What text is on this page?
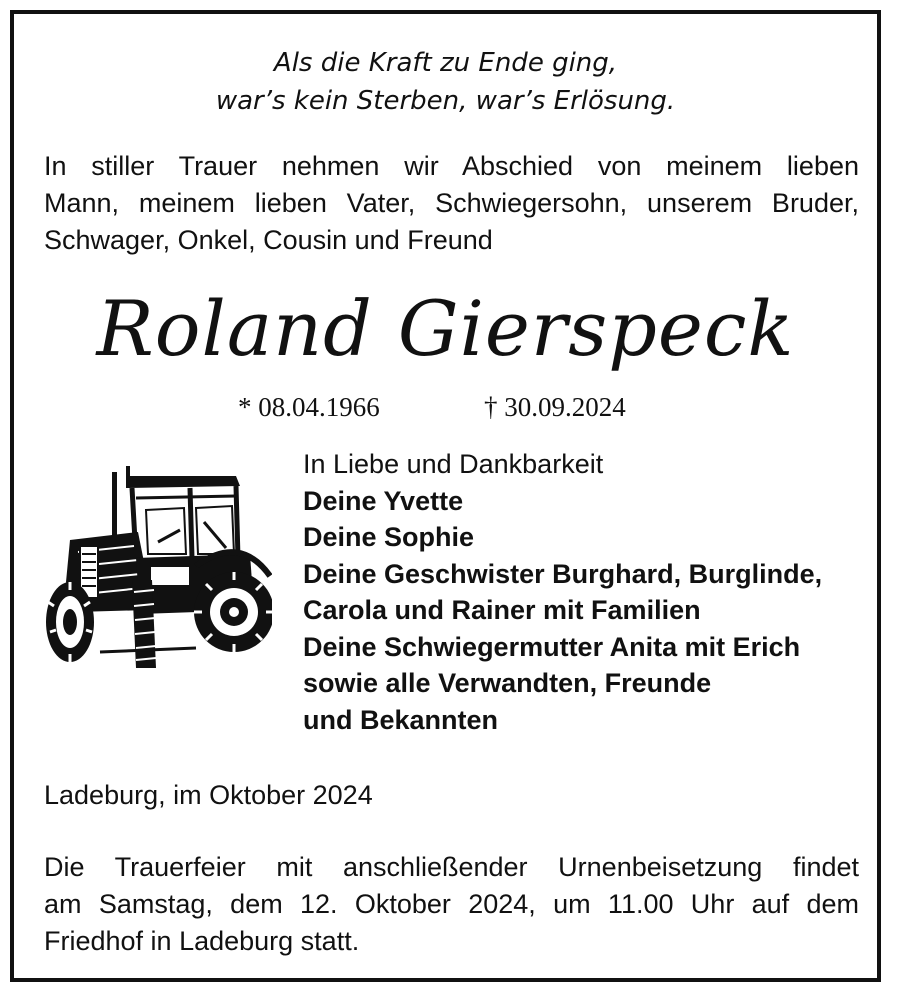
Als die Kraft zu Ende ging,
war’s kein Sterben, war’s Erlösung.
In stiller Trauer nehmen wir Abschied von meinem lieben
Mann, meinem lieben Vater, Schwiegersohn, unserem Bruder,
Schwager, Onkel, Cousin und Freund
Roland Gierspeck
* 08.04.1966	† 30.09.2024
In Liebe und Dankbarkeit
Deine Yvette
Deine Sophie
Deine Geschwister Burghard, Burglinde,
Carola und Rainer mit Familien
Deine Schwiegermutter Anita mit Erich
sowie alle Verwandten, Freunde
und Bekannten
Ladeburg, im Oktober 2024
Die Trauerfeier mit anschließender Urnenbeisetzung findet
am Samstag, dem 12. Oktober 2024, um 11.00 Uhr auf dem
Friedhof in Ladeburg statt.
